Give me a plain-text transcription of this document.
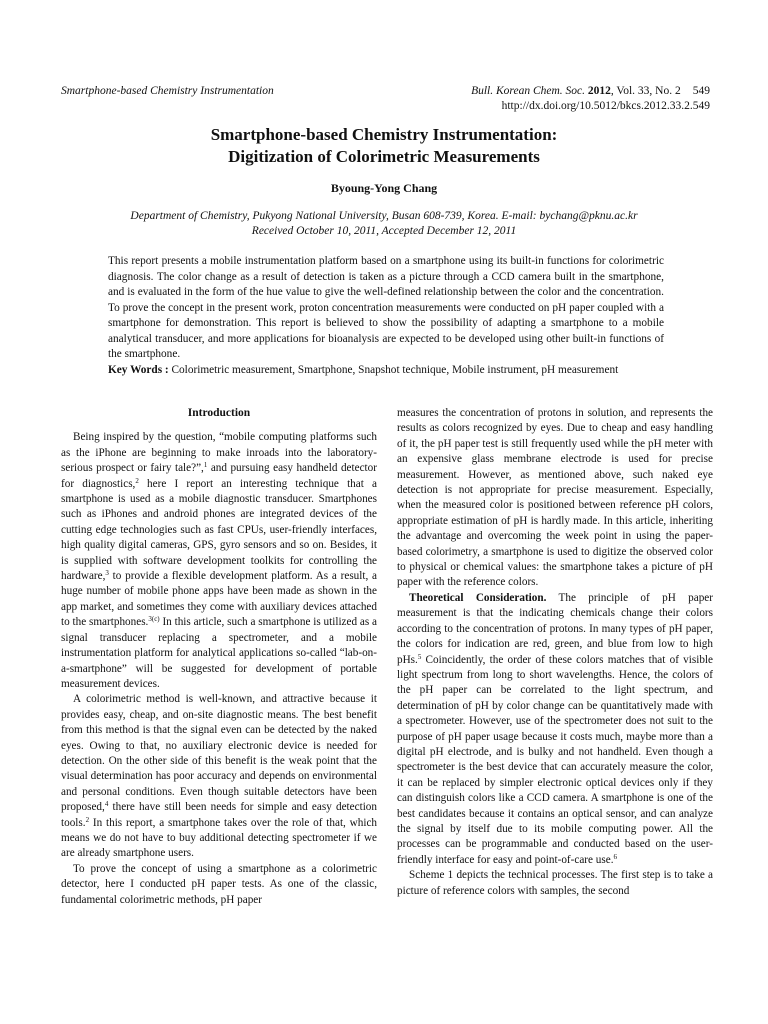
Smartphone-based Chemistry Instrumentation	Bull. Korean Chem. Soc. 2012, Vol. 33, No. 2 549
http://dx.doi.org/10.5012/bkcs.2012.33.2.549
Smartphone-based Chemistry Instrumentation:
Digitization of Colorimetric Measurements
Byoung-Yong Chang
Department of Chemistry, Pukyong National University, Busan 608-739, Korea. E-mail: bychang@pknu.ac.kr
Received October 10, 2011, Accepted December 12, 2011
This report presents a mobile instrumentation platform based on a smartphone using its built-in functions for colorimetric diagnosis. The color change as a result of detection is taken as a picture through a CCD camera built in the smartphone, and is evaluated in the form of the hue value to give the well-defined relationship between the color and the concentration. To prove the concept in the present work, proton concentration measurements were conducted on pH paper coupled with a smartphone for demonstration. This report is believed to show the possibility of adapting a smartphone to a mobile analytical transducer, and more applications for bioanalysis are expected to be developed using other built-in functions of the smartphone.
Key Words : Colorimetric measurement, Smartphone, Snapshot technique, Mobile instrument, pH measurement
Introduction

Being inspired by the question, “mobile computing platforms such as the iPhone are beginning to make inroads into the laboratory-serious prospect or fairy tale?”,$^1$ and pursuing easy handheld detector for diagnostics,$^2$ here I report an interesting technique that a smartphone is used as a mobile diagnostic transducer. Smartphones such as iPhones and android phones are integrated devices of the cutting edge technologies such as fast CPUs, user-friendly interfaces, high quality digital cameras, GPS, gyro sensors and so on. Besides, it is supplied with software development toolkits for controlling the hardware,$^3$ to provide a flexible development platform. As a result, a huge number of mobile phone apps have been made as shown in the app market, and sometimes they come with auxiliary devices attached to the smartphones.$^{3(c)}$ In this article, such a smartphone is utilized as a signal transducer replacing a spectrometer, and a mobile instrumentation platform for analytical applications so-called “lab-on-a-smartphone” will be suggested for development of portable measurement devices.

A colorimetric method is well-known, and attractive because it provides easy, cheap, and on-site diagnostic means. The best benefit from this method is that the signal even can be detected by the naked eyes. Owing to that, no auxiliary electronic device is needed for detection. On the other side of this benefit is the weak point that the visual determination has poor accuracy and depends on environmental and personal conditions. Even though suitable detectors have been proposed,$^4$ there have still been needs for simple and easy detection tools.$^2$ In this report, a smartphone takes over the role of that, which means we do not have to buy additional detecting spectrometer if we are already smartphone users.

To prove the concept of using a smartphone as a colorimetric detector, here I conducted pH paper tests. As one of the classic, fundamental colorimetric methods, pH paper

measures the concentration of protons in solution, and represents the results as colors recognized by eyes. Due to cheap and easy handling of it, the pH paper test is still frequently used while the pH meter with an expensive glass membrane electrode is used for precise measurement. However, as mentioned above, such naked eye detection is not appropriate for precise measurement. Especially, when the measured color is positioned between reference pH colors, appropriate estimation of pH is hardly made. In this article, inheriting the advantage and overcoming the week point in using the paper-based colorimetry, a smartphone is used to digitize the observed color to physical or chemical values: the smartphone takes a picture of pH paper with the reference colors.

Theoretical Consideration. The principle of pH paper measurement is that the indicating chemicals change their colors according to the concentration of protons. In many types of pH paper, the colors for indication are red, green, and blue from low to high pHs.$^5$ Coincidently, the order of these colors matches that of visible light spectrum from long to short wavelengths. Hence, the colors of the pH paper can be correlated to the light spectrum, and determination of pH by color change can be quantitatively made with a spectrometer. However, use of the spectrometer does not suit to the purpose of pH paper usage because it costs much, maybe more than a digital pH electrode, and is bulky and not handheld. Even though a spectrometer is the best device that can accurately measure the color, it can be replaced by simpler electronic optical devices only if they can distinguish colors like a CCD camera. A smartphone is one of the best candidates because it contains an optical sensor, and can analyze the signal by itself due to its mobile computing power. All the processes can be programmable and conducted based on the user-friendly interface for easy and point-of-care use.$^6$

Scheme 1 depicts the technical processes. The first step is to take a picture of reference colors with samples, the second
